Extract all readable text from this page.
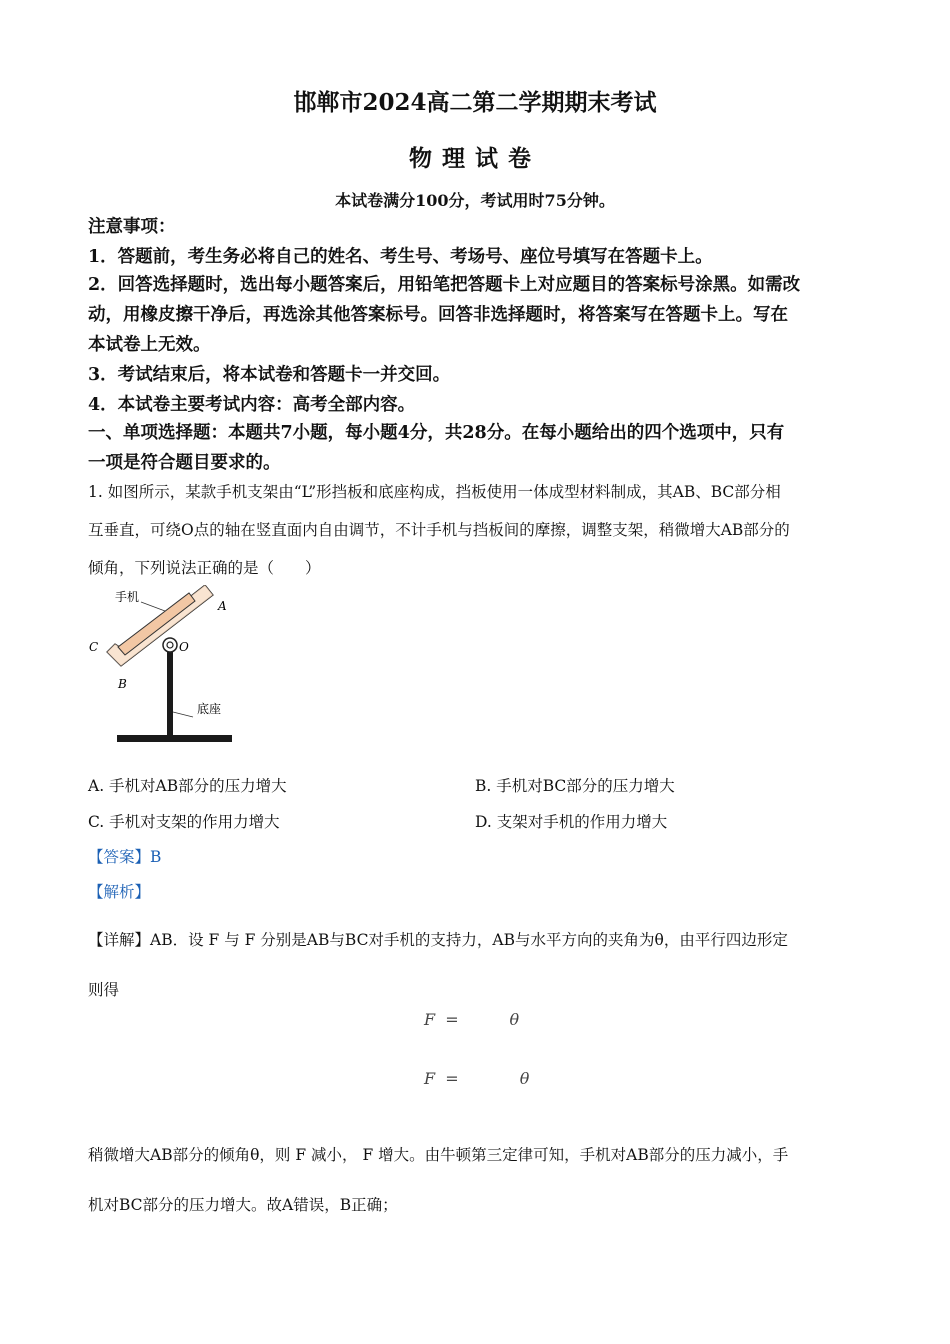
邯郸市2024高二第二学期期末考试
物理试卷
本试卷满分100分，考试用时75分钟。
注意事项：
1．答题前，考生务必将自己的姓名、考生号、考场号、座位号填写在答题卡上。
2．回答选择题时，选出每小题答案后，用铅笔把答题卡上对应题目的答案标号涂黑。如需改
动，用橡皮擦干净后，再选涂其他答案标号。回答非选择题时，将答案写在答题卡上。写在
本试卷上无效。
3．考试结束后，将本试卷和答题卡一并交回。
4．本试卷主要考试内容：高考全部内容。
一、单项选择题：本题共7小题，每小题4分，共28分。在每小题给出的四个选项中，只有
一项是符合题目要求的。
1. 如图所示，某款手机支架由“L”形挡板和底座构成，挡板使用一体成型材料制成，其AB、BC部分相
互垂直，可绕O点的轴在竖直面内自由调节，不计手机与挡板间的摩擦，调整支架，稍微增大AB部分的
倾角，下列说法正确的是（　　）
手机
底座
A
B
C	O
A. 手机对AB部分的压力增大	B. 手机对BC部分的压力增大
C. 手机对支架的作用力增大	D. 支架对手机的作用力增大
【答案】B
【解析】
【详解】AB．设 F 与 F 分别是AB与BC对手机的支持力，AB与水平方向的夹角为θ，由平行四边形定
则得
F  =          θ
F  =            θ
稍微增大AB部分的倾角θ，则 F 减小， F 增大。由牛顿第三定律可知，手机对AB部分的压力减小，手
机对BC部分的压力增大。故A错误，B正确；
